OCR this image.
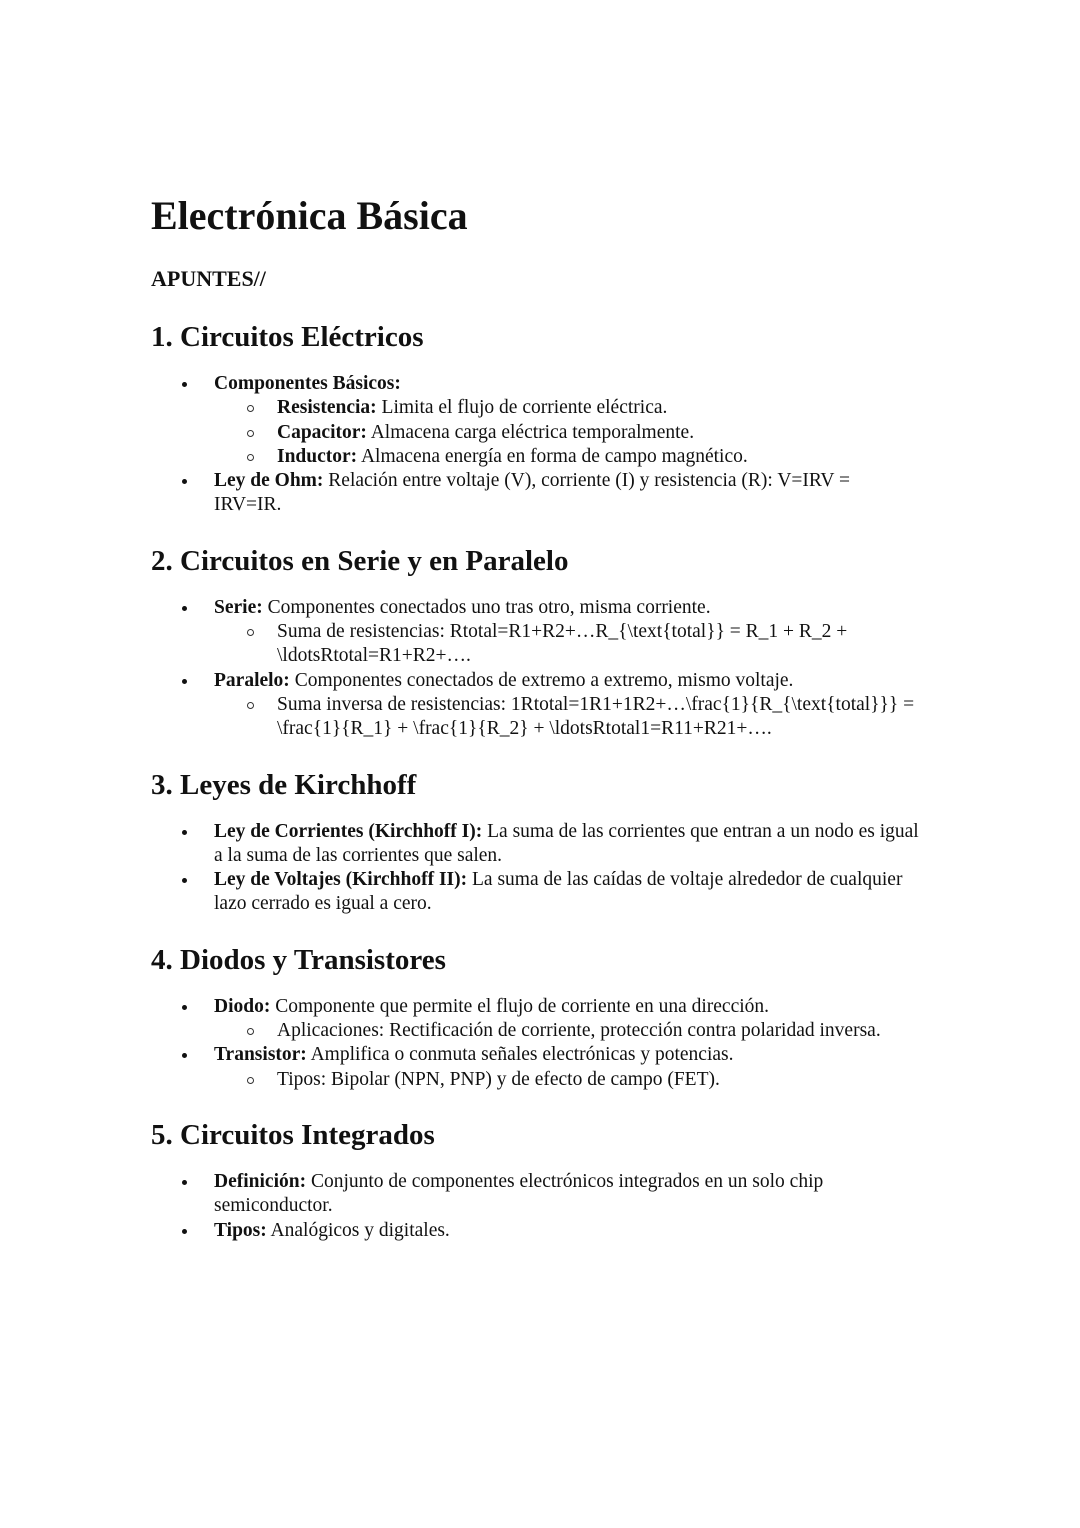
Electrónica Básica
APUNTES//
1. Circuitos Eléctricos
Componentes Básicos:
Resistencia: Limita el flujo de corriente eléctrica.
Capacitor: Almacena carga eléctrica temporalmente.
Inductor: Almacena energía en forma de campo magnético.
Ley de Ohm: Relación entre voltaje (V), corriente (I) y resistencia (R): V=IRV = IRV=IR.
2. Circuitos en Serie y en Paralelo
Serie: Componentes conectados uno tras otro, misma corriente.
Suma de resistencias: Rtotal=R1+R2+…R_{\text{total}} = R_1 + R_2 + \ldotsRtotal=R1+R2+….
Paralelo: Componentes conectados de extremo a extremo, mismo voltaje.
Suma inversa de resistencias: 1Rtotal=1R1+1R2+…\frac{1}{R_{\text{total}}} = \frac{1}{R_1} + \frac{1}{R_2} + \ldotsRtotal1=R11+R21+….
3. Leyes de Kirchhoff
Ley de Corrientes (Kirchhoff I): La suma de las corrientes que entran a un nodo es igual a la suma de las corrientes que salen.
Ley de Voltajes (Kirchhoff II): La suma de las caídas de voltaje alrededor de cualquier lazo cerrado es igual a cero.
4. Diodos y Transistores
Diodo: Componente que permite el flujo de corriente en una dirección.
Aplicaciones: Rectificación de corriente, protección contra polaridad inversa.
Transistor: Amplifica o conmuta señales electrónicas y potencias.
Tipos: Bipolar (NPN, PNP) y de efecto de campo (FET).
5. Circuitos Integrados
Definición: Conjunto de componentes electrónicos integrados en un solo chip semiconductor.
Tipos: Analógicos y digitales.
